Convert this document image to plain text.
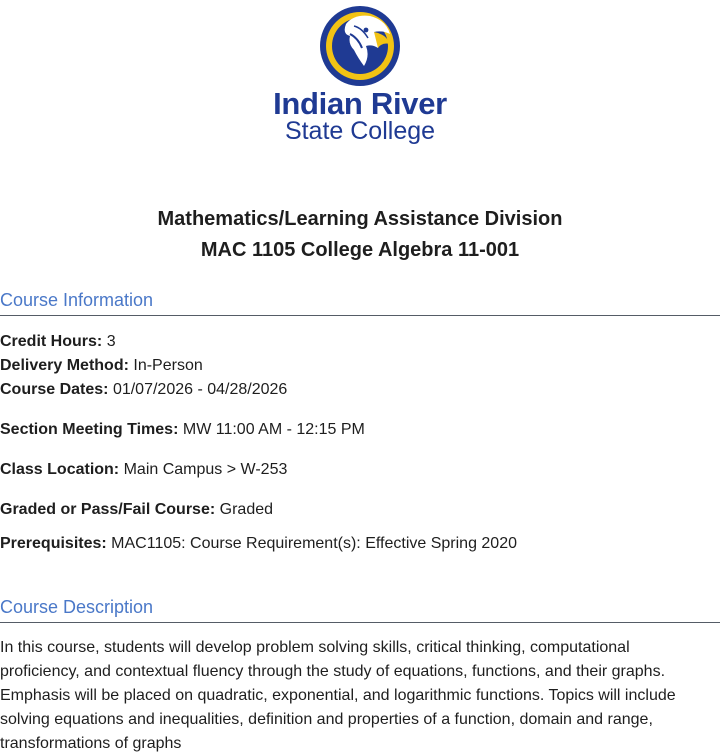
Indian River
State College
Mathematics/Learning Assistance Division
MAC 1105 College Algebra 11-001
Course Information
Credit Hours: 3
Delivery Method: In-Person
Course Dates: 01/07/2026 - 04/28/2026
Section Meeting Times: MW 11:00 AM - 12:15 PM
Class Location: Main Campus > W-253
Graded or Pass/Fail Course: Graded
Prerequisites: MAC1105: Course Requirement(s): Effective Spring 2020
Course Description
In this course, students will develop problem solving skills, critical thinking, computational proficiency, and contextual fluency through the study of equations, functions, and their graphs. Emphasis will be placed on quadratic, exponential, and logarithmic functions. Topics will include solving equations and inequalities, definition and properties of a function, domain and range, transformations of graphs
